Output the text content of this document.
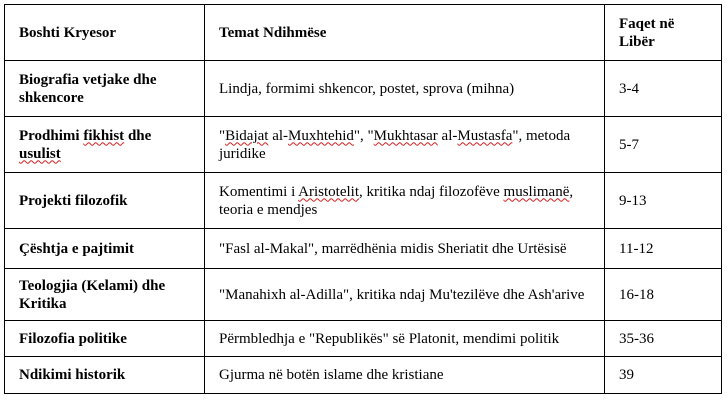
Boshti Kryesor	Temat Ndihmëse	Faqet në Libër
Biografia vetjake dhe shkencore	Lindja, formimi shkencor, postet, sprova (mihna)	3-4
Prodhimi fikhist dhe usulist	"Bidajat al-Muxhtehid", "Mukhtasar al-Mustasfa", metoda juridike	5-7
Projekti filozofik	Komentimi i Aristotelit, kritika ndaj filozofëve muslimanë, teoria e mendjes	9-13
Çështja e pajtimit	"Fasl al-Makal", marrëdhënia midis Sheriatit dhe Urtësisë	11-12
Teologjia (Kelami) dhe Kritika	"Manahixh al-Adilla", kritika ndaj Mu'tezilëve dhe Ash'arive	16-18
Filozofia politike	Përmbledhja e "Republikës" së Platonit, mendimi politik	35-36
Ndikimi historik	Gjurma në botën islame dhe kristiane	39
